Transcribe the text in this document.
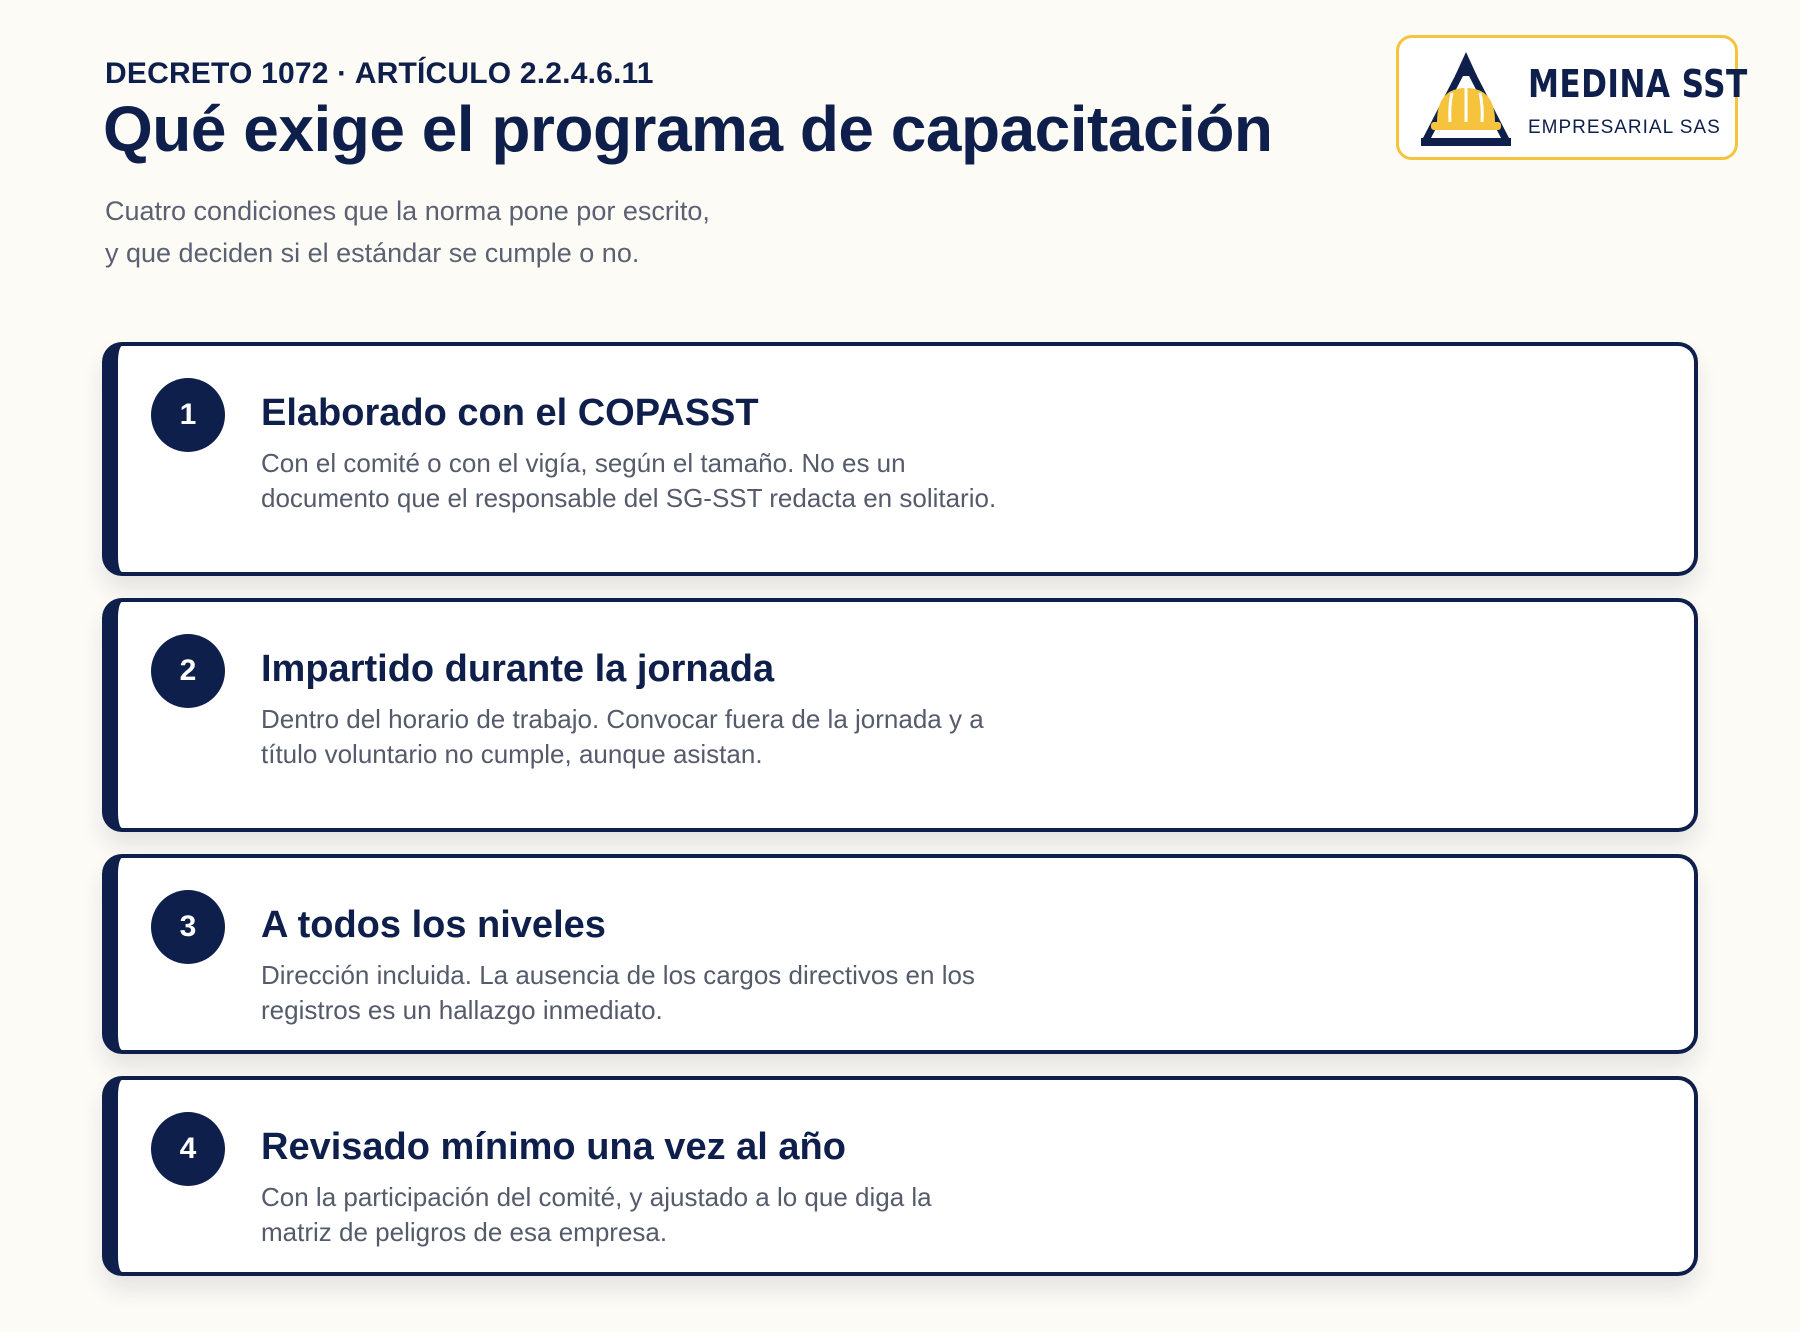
DECRETO 1072 · ARTÍCULO 2.2.4.6.11
Qué exige el programa de capacitación
Cuatro condiciones que la norma pone por escrito,
y que deciden si el estándar se cumple o no.
MEDINA SST
EMPRESARIAL SAS
1	Elaborado con el COPASST
Con el comité o con el vigía, según el tamaño. No es un documento que el responsable del SG-SST redacta en solitario.
2	Impartido durante la jornada
Dentro del horario de trabajo. Convocar fuera de la jornada y a título voluntario no cumple, aunque asistan.
3	A todos los niveles
Dirección incluida. La ausencia de los cargos directivos en los registros es un hallazgo inmediato.
4	Revisado mínimo una vez al año
Con la participación del comité, y ajustado a lo que diga la matriz de peligros de esa empresa.
